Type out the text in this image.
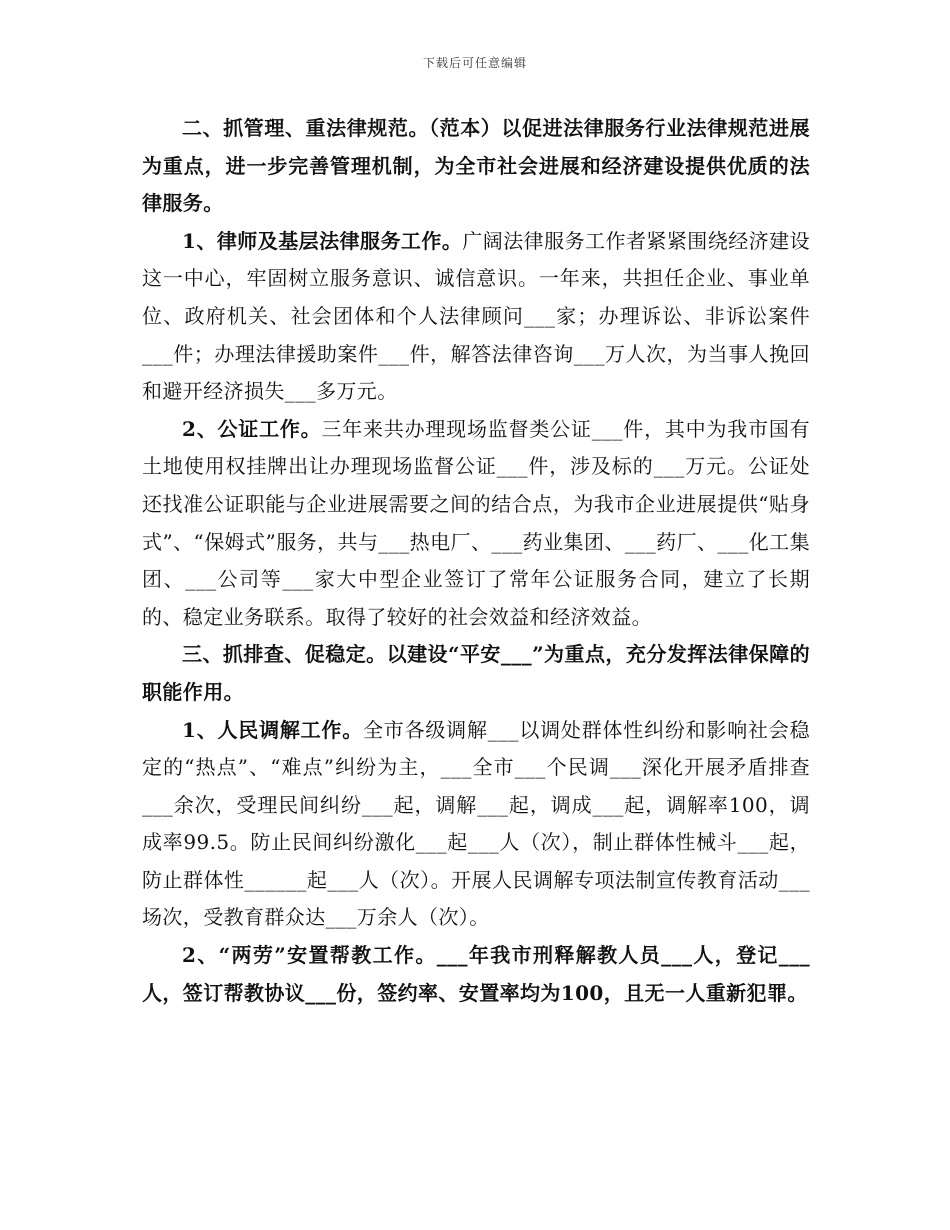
下载后可任意编辑

二、抓管理、重法律规范。（范本）以促进法律服务行业法律规范进展为重点，进一步完善管理机制，为全市社会进展和经济建设提供优质的法律服务。

1、律师及基层法律服务工作。广阔法律服务工作者紧紧围绕经济建设这一中心，牢固树立服务意识、诚信意识。一年来，共担任企业、事业单位、政府机关、社会团体和个人法律顾问___家；办理诉讼、非诉讼案件___件；办理法律援助案件___件，解答法律咨询___万人次，为当事人挽回和避开经济损失___多万元。

2、公证工作。三年来共办理现场监督类公证___件，其中为我市国有土地使用权挂牌出让办理现场监督公证___件，涉及标的___万元。公证处还找准公证职能与企业进展需要之间的结合点，为我市企业进展提供“贴身式”、“保姆式”服务，共与___热电厂、___药业集团、___药厂、___化工集团、___公司等___家大中型企业签订了常年公证服务合同，建立了长期的、稳定业务联系。取得了较好的社会效益和经济效益。

三、抓排查、促稳定。以建设“平安___”为重点，充分发挥法律保障的职能作用。

1、人民调解工作。全市各级调解___以调处群体性纠纷和影响社会稳定的“热点”、“难点”纠纷为主，___全市___个民调___深化开展矛盾排查___余次，受理民间纠纷___起，调解___起，调成___起，调解率100，调成率99.5。防止民间纠纷激化___起___人（次），制止群体性械斗___起，防止群体性______起___人（次）。开展人民调解专项法制宣传教育活动___场次，受教育群众达___万余人（次）。

2、“两劳”安置帮教工作。___年我市刑释解教人员___人，登记___人，签订帮教协议___份，签约率、安置率均为100，且无一人重新犯罪。
